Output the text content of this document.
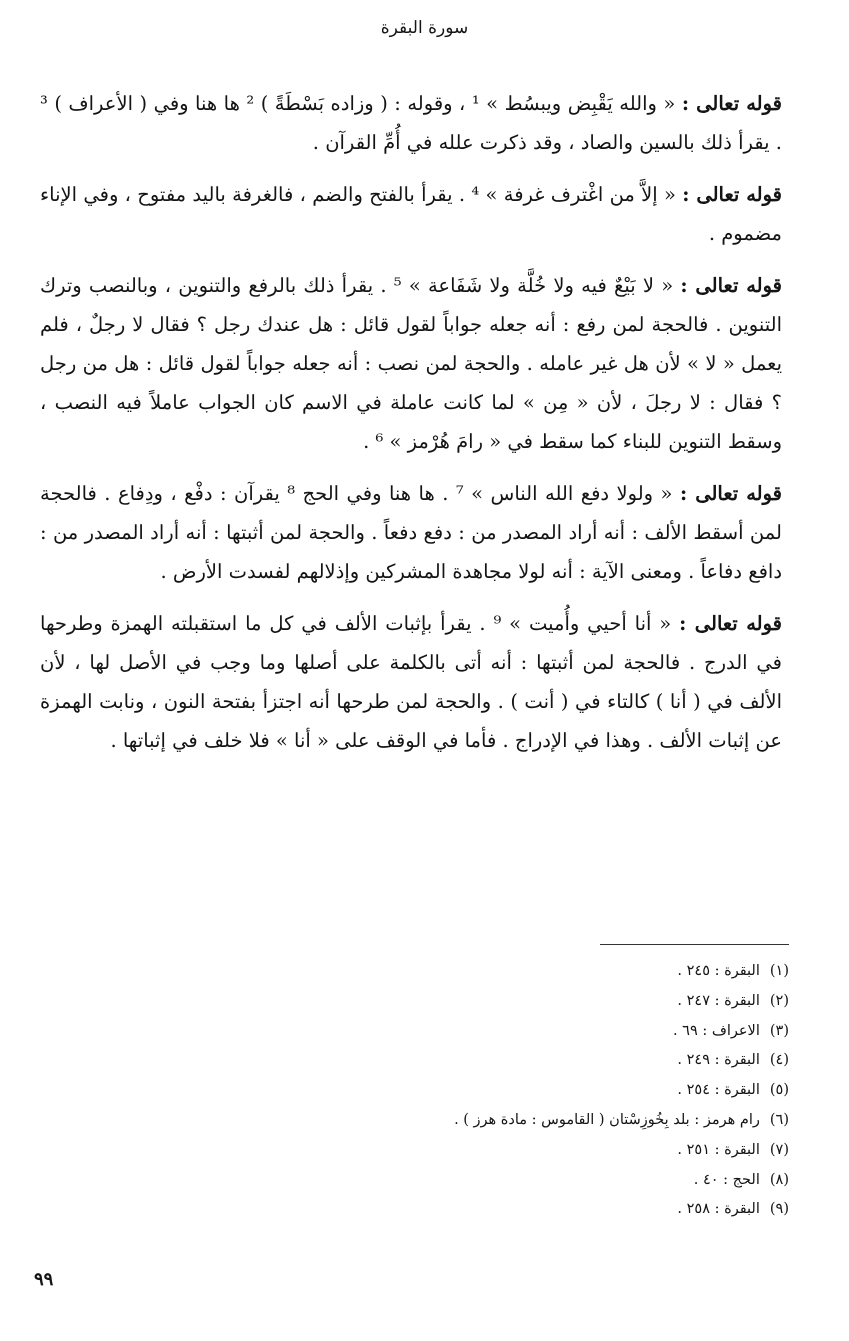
سورة البقرة

قوله تعالى : « والله يَقْبِض ويبسُط » ¹ ، وقوله : ( وزاده بَسْطَةً ) ² ها هنا وفي ( الأعراف ) ³ . يقرأ ذلك بالسين والصاد ، وقد ذكرت علله في أُمِّ القرآن .

قوله تعالى : « إلاَّ من اغْترف غرفة » ⁴ . يقرأ بالفتح والضم ، فالغرفة باليد مفتوح ، وفي الإناء مضموم .

قوله تعالى : « لا بَيْعٌ فيه ولا خُلَّة ولا شَفَاعة » ⁵ . يقرأ ذلك بالرفع والتنوين ، وبالنصب وترك التنوين . فالحجة لمن رفع : أنه جعله جواباً لقول قائل : هل عندك رجل ؟ فقال لا رجلٌ ، فلم يعمل « لا » لأن هل غير عامله . والحجة لمن نصب : أنه جعله جواباً لقول قائل : هل من رجل ؟ فقال : لا رجلَ ، لأن « مِن » لما كانت عاملة في الاسم كان الجواب عاملاً فيه النصب ، وسقط التنوين للبناء كما سقط في « رامَ هُرْمز » ⁶ .

قوله تعالى : « ولولا دفع الله الناس » ⁷ . ها هنا وفي الحج ⁸ يقرآن : دفْع ، ودِفاع . فالحجة لمن أسقط الألف : أنه أراد المصدر من : دفع دفعاً . والحجة لمن أثبتها : أنه أراد المصدر من : دافع دفاعاً . ومعنى الآية : أنه لولا مجاهدة المشركين وإذلالهم لفسدت الأرض .

قوله تعالى : « أنا أحيي وأُميت » ⁹ . يقرأ بإثبات الألف في كل ما استقبلته الهمزة وطرحها في الدرج . فالحجة لمن أثبتها : أنه أتى بالكلمة على أصلها وما وجب في الأصل لها ، لأن الألف في ( أنا ) كالتاء في ( أنت ) . والحجة لمن طرحها أنه اجتزأ بفتحة النون ، ونابت الهمزة عن إثبات الألف . وهذا في الإدراج . فأما في الوقف على « أنا » فلا خلف في إثباتها .

(١)البقرة : ٢٤٥ .
(٢)البقرة : ٢٤٧ .
(٣)الاعراف : ٦٩ .
(٤)البقرة : ٢٤٩ .
(٥)البقرة : ٢٥٤ .
(٦)رام هرمز : بلد بِخُوزِسْتان ( القاموس : مادة هرز ) .
(٧)البقرة : ٢٥١ .
(٨)الحج : ٤٠ .
(٩)البقرة : ٢٥٨ .
٩٩
